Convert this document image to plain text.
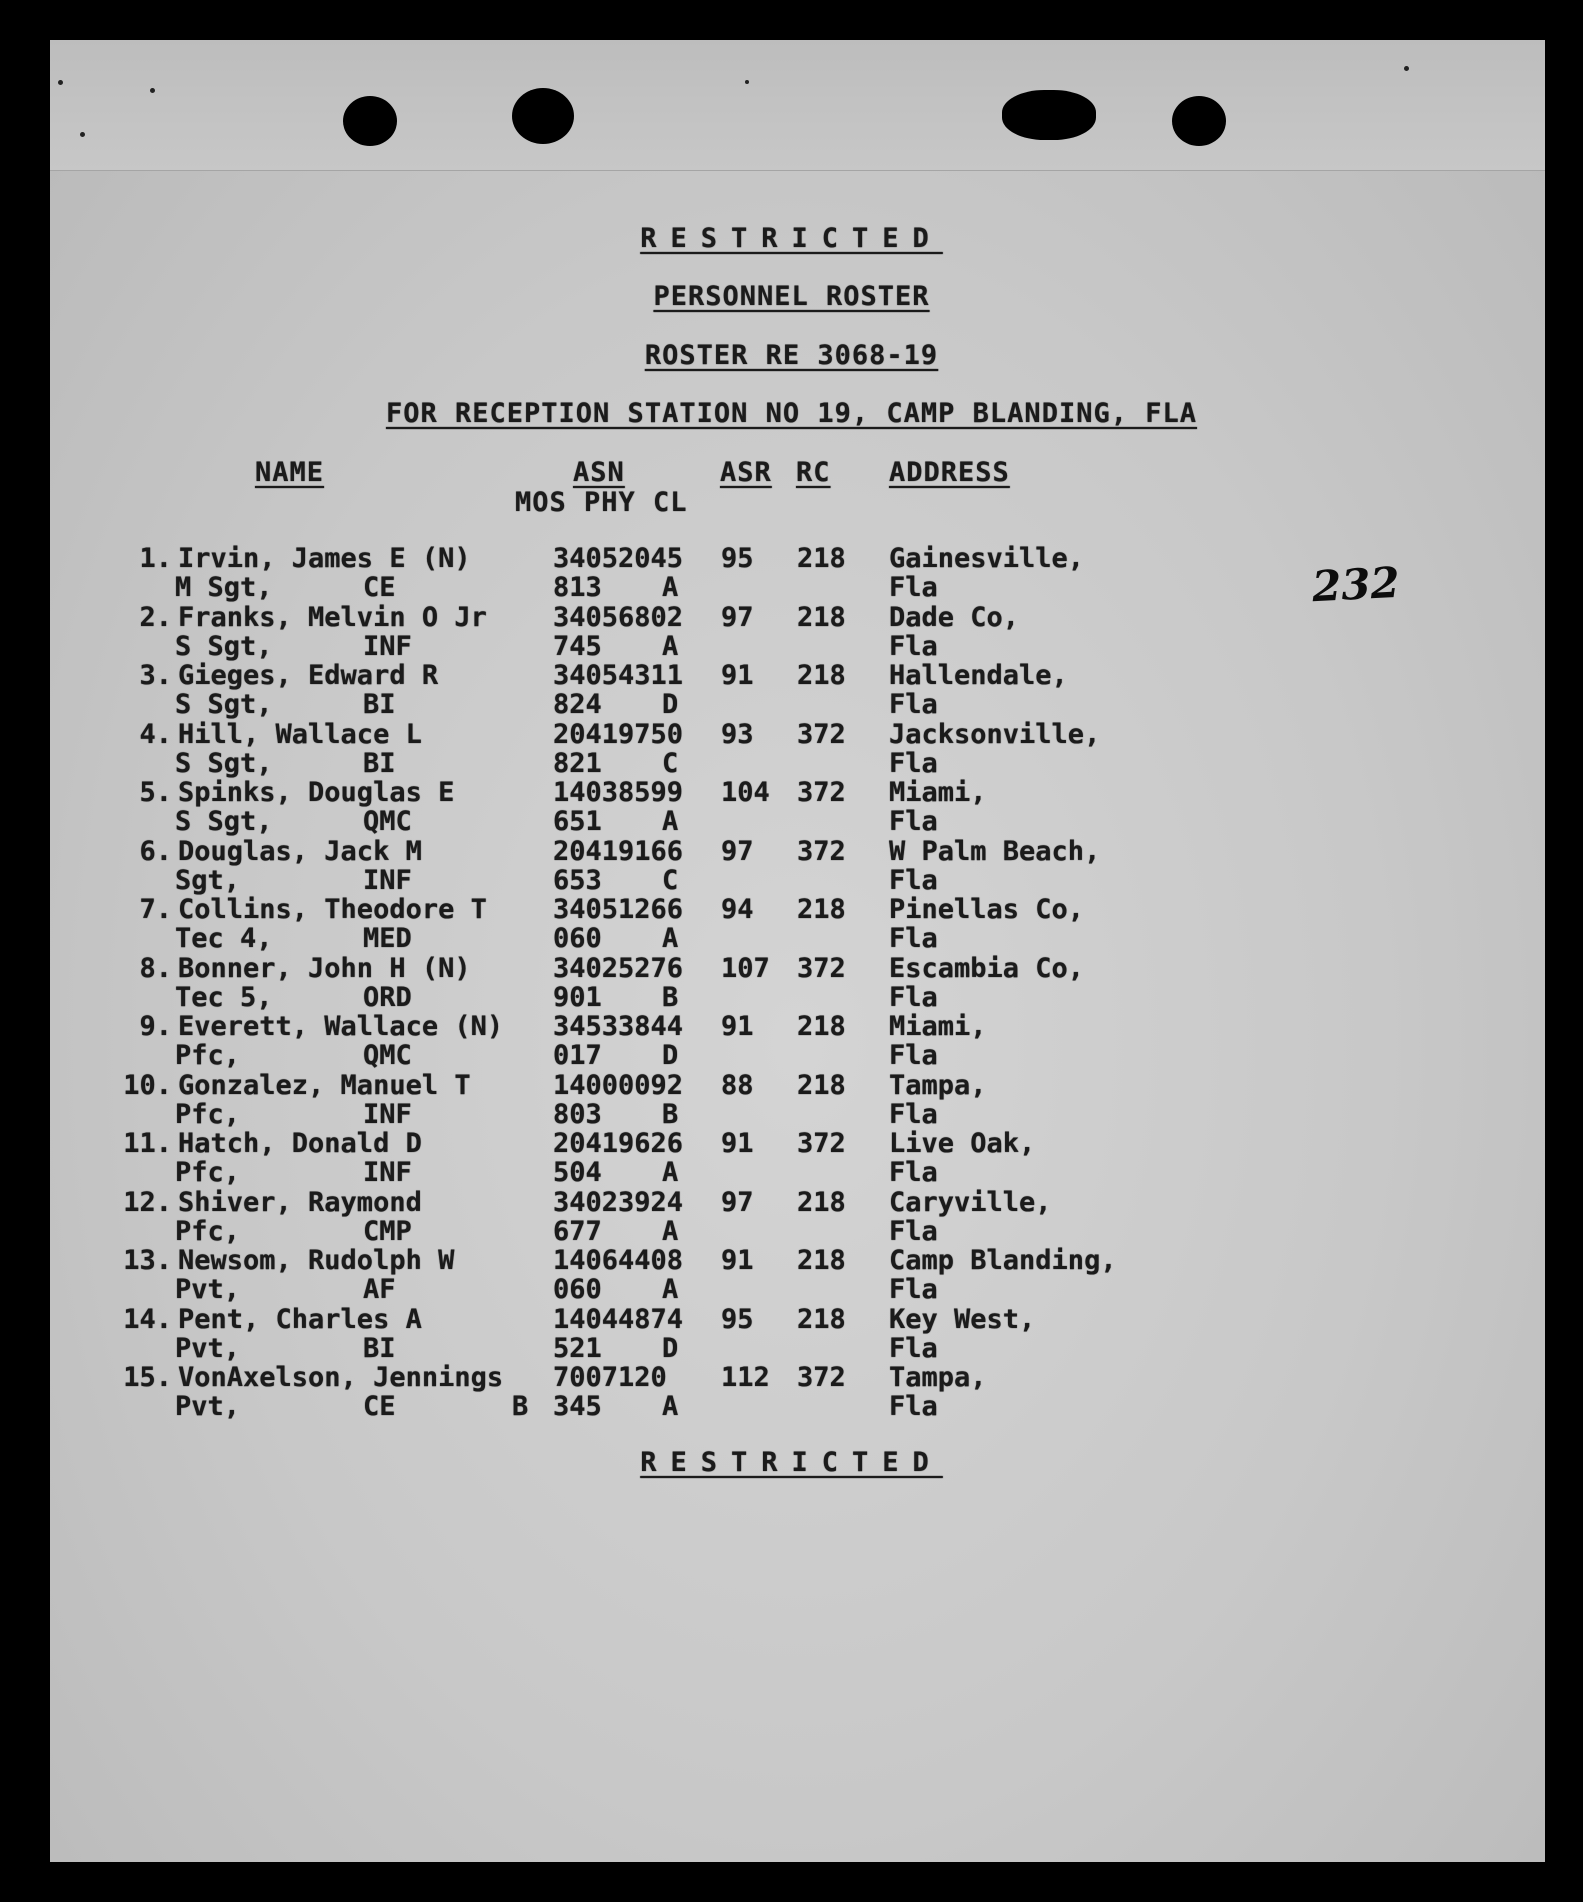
RESTRICTED
PERSONNEL ROSTER
ROSTER RE 3068-19
FOR RECEPTION STATION NO 19, CAMP BLANDING, FLA
NAME	ASN	ASR RC ADDRESS
MOS PHY CL
232
1. Irvin, James E (N)	34052045 95 218 Gainesville,
M Sgt,	CE	813 A	Fla
2. Franks, Melvin O Jr 34056802 97 218 Dade Co,
S Sgt,	INF	745 A	Fla
3. Gieges, Edward R	34054311 91 218 Hallendale,
S Sgt,	BI	824 D	Fla
4. Hill, Wallace L	20419750 93 372 Jacksonville,
S Sgt,	BI	821 C	Fla
5. Spinks, Douglas E	14038599 104 372 Miami,
S Sgt,	QMC	651 A	Fla
6. Douglas, Jack M	20419166 97 372 W Palm Beach,
Sgt,	INF	653 C	Fla
7. Collins, Theodore T 34051266 94 218 Pinellas Co,
Tec 4,	MED	060 A	Fla
8. Bonner, John H (N)	34025276 107 372 Escambia Co,
Tec 5,	ORD	901 B	Fla
9. Everett, Wallace (N) 34533844 91 218 Miami,
Pfc,	QMC	017 D	Fla
10. Gonzalez, Manuel T	14000092 88 218 Tampa,
Pfc,	INF	803 B	Fla
11. Hatch, Donald D	20419626 91 372 Live Oak,
Pfc,	INF	504 A	Fla
12. Shiver, Raymond	34023924 97 218 Caryville,
Pfc,	CMP	677 A	Fla
13. Newsom, Rudolph W	14064408 91 218 Camp Blanding,
Pvt,	AF	060 A	Fla
14. Pent, Charles A	14044874 95 218 Key West,
Pvt,	BI	521 D	Fla
15. VonAxelson, Jennings 7007120 112 372 Tampa,
Pvt,	CE	B 345 A	Fla
RESTRICTED
